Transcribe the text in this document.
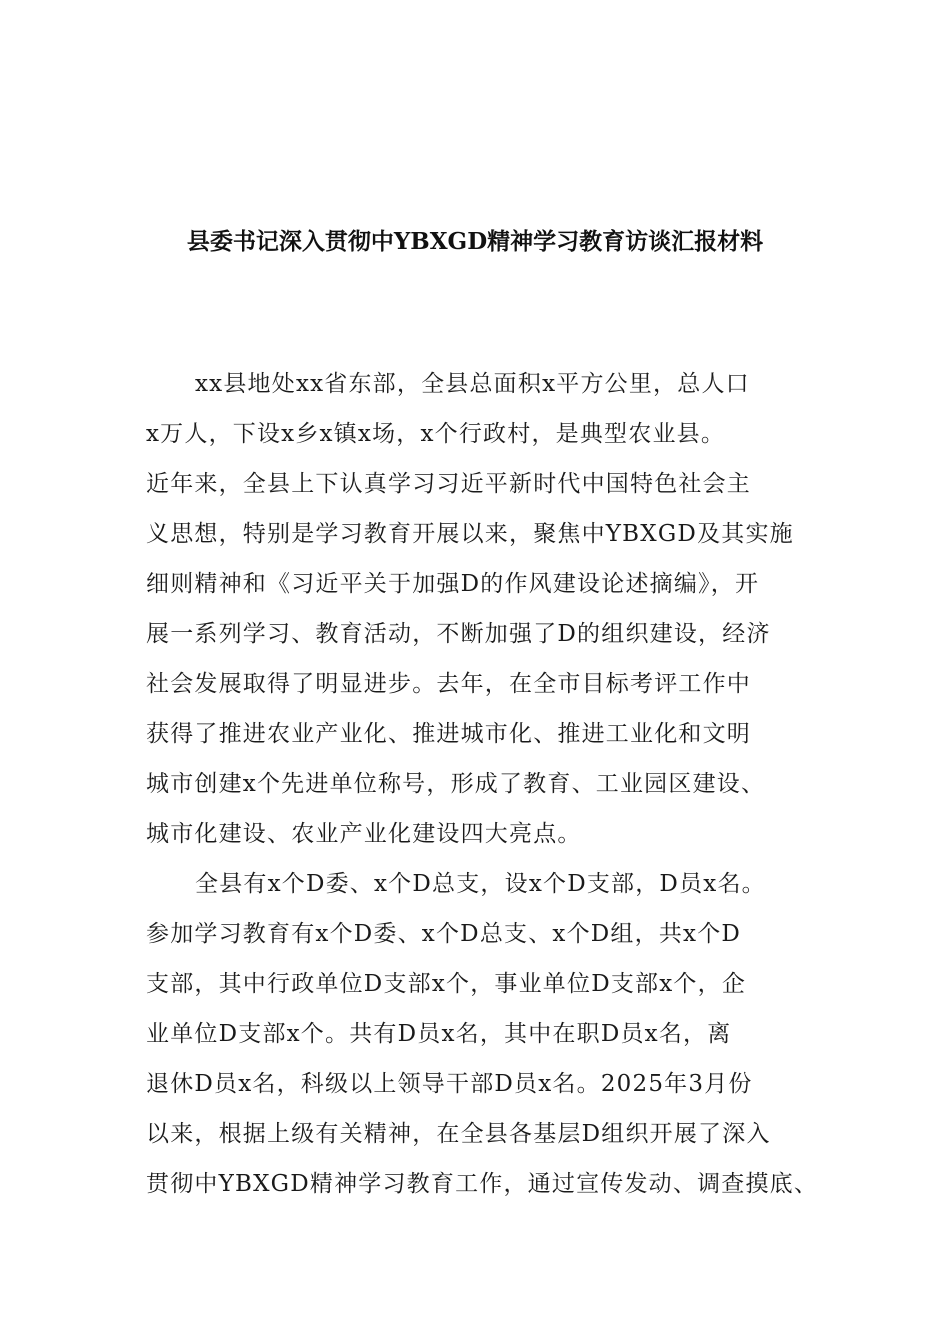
县委书记深入贯彻中YBXGD精神学习教育访谈汇报材料
xx县地处xx省东部，全县总面积x平方公里，总人口
x万人，下设x乡x镇x场，x个行政村，是典型农业县。
近年来，全县上下认真学习习近平新时代中国特色社会主
义思想，特别是学习教育开展以来，聚焦中YBXGD及其实施
细则精神和《习近平关于加强D的作风建设论述摘编》，开
展一系列学习、教育活动，不断加强了D的组织建设，经济
社会发展取得了明显进步。去年，在全市目标考评工作中
获得了推进农业产业化、推进城市化、推进工业化和文明
城市创建x个先进单位称号，形成了教育、工业园区建设、
城市化建设、农业产业化建设四大亮点。
全县有x个D委、x个D总支，设x个D支部，D员x名。
参加学习教育有x个D委、x个D总支、x个D组，共x个D
支部，其中行政单位D支部x个，事业单位D支部x个，企
业单位D支部x个。共有D员x名，其中在职D员x名，离
退休D员x名，科级以上领导干部D员x名。2025年3月份
以来，根据上级有关精神，在全县各基层D组织开展了深入
贯彻中YBXGD精神学习教育工作，通过宣传发动、调查摸底、
